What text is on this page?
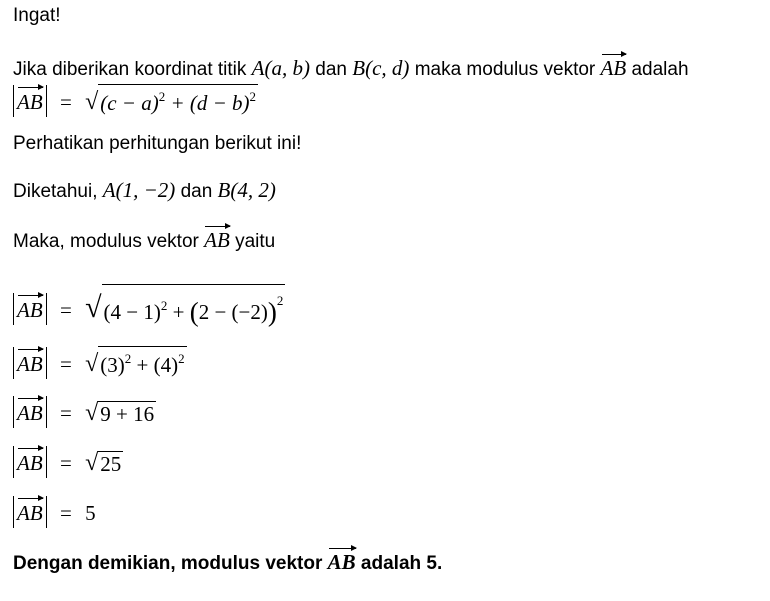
Ingat!
Jika diberikan koordinat titik A(a, b) dan B(c, d) maka modulus vektor AB adalah
AB = √ $(c - a)^2 + (d - b)^2$
Perhatikan perhitungan berikut ini!
Diketahui, A(1, −2) dan B(4, 2)
Maka, modulus vektor AB yaitu
AB = √ $(4 - 1)^2 + (2 - (-2))^2$
AB = √ $(3)^2 + (4)^2$
AB = √ 9 + 16
AB = √ 25
AB = 5
Dengan demikian, modulus vektor AB adalah 5.
